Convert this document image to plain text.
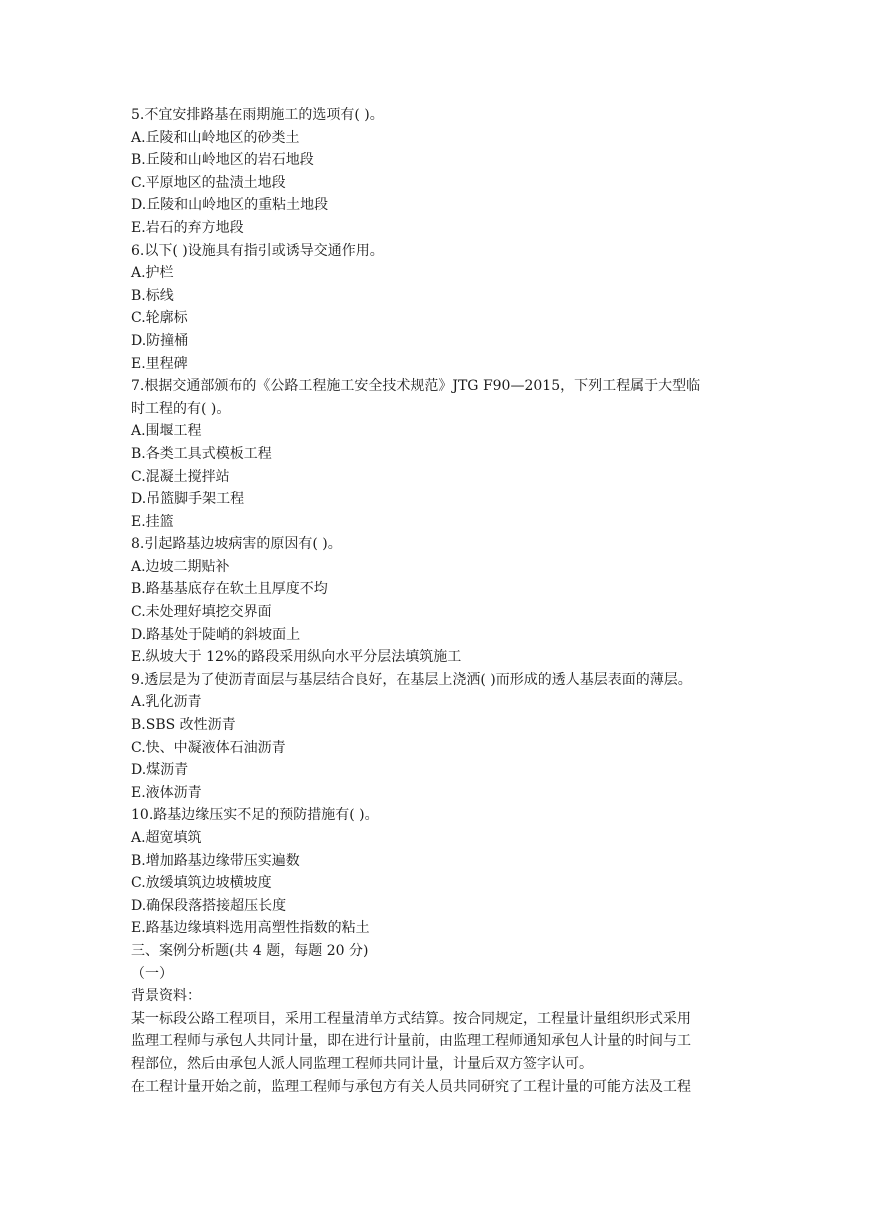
5.不宜安排路基在雨期施工的选项有( )。

A.丘陵和山岭地区的砂类土

B.丘陵和山岭地区的岩石地段

C.平原地区的盐渍土地段

D.丘陵和山岭地区的重粘土地段

E.岩石的弃方地段

6.以下( )设施具有指引或诱导交通作用。

A.护栏

B.标线

C.轮廓标

D.防撞桶

E.里程碑

7.根据交通部颁布的《公路工程施工安全技术规范》JTG F90—2015，下列工程属于大型临

时工程的有( )。

A.围堰工程

B.各类工具式模板工程

C.混凝土搅拌站

D.吊篮脚手架工程

E.挂篮

8.引起路基边坡病害的原因有( )。

A.边坡二期贴补

B.路基基底存在软土且厚度不均

C.未处理好填挖交界面

D.路基处于陡峭的斜坡面上

E.纵坡大于 12%的路段采用纵向水平分层法填筑施工

9.透层是为了使沥青面层与基层结合良好，在基层上浇洒( )而形成的透人基层表面的薄层。

A.乳化沥青

B.SBS 改性沥青

C.快、中凝液体石油沥青

D.煤沥青

E.液体沥青

10.路基边缘压实不足的预防措施有( )。

A.超宽填筑

B.增加路基边缘带压实遍数

C.放缓填筑边坡横坡度

D.确保段落搭接超压长度

E.路基边缘填料选用高塑性指数的粘土

三、案例分析题(共 4 题，每题 20 分)

（一）

背景资料：

某一标段公路工程项目，采用工程量清单方式结算。按合同规定，工程量计量组织形式采用

监理工程师与承包人共同计量，即在进行计量前，由监理工程师通知承包人计量的时间与工

程部位，然后由承包人派人同监理工程师共同计量，计量后双方签字认可。

在工程计量开始之前，监理工程师与承包方有关人员共同研究了工程计量的可能方法及工程
